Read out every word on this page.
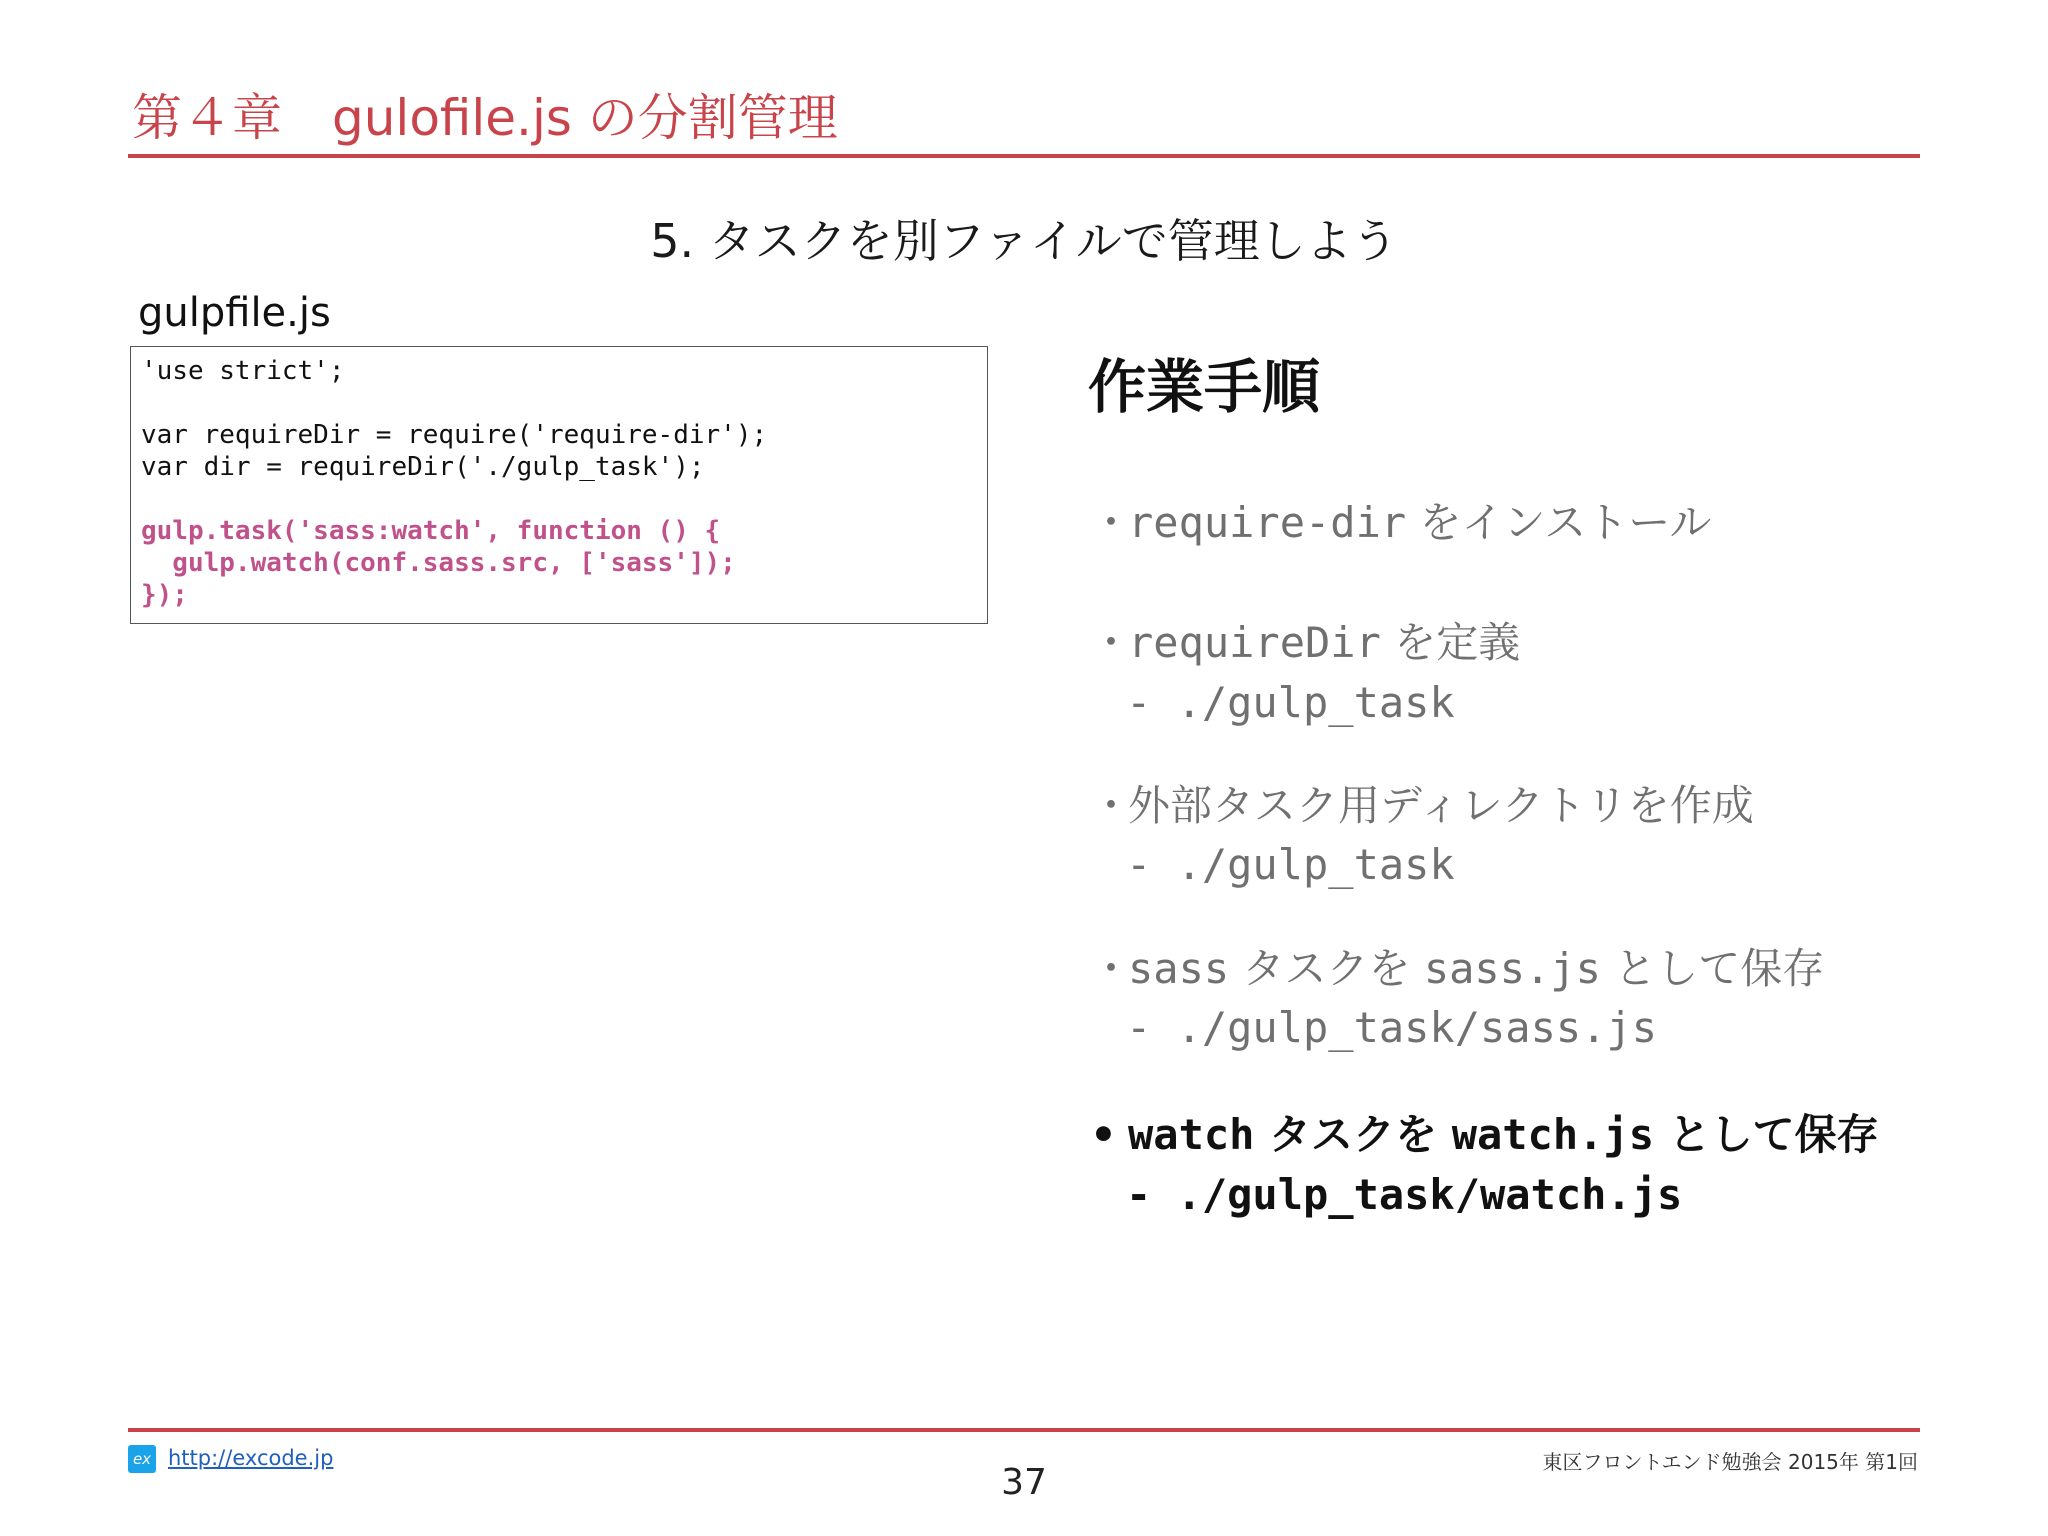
第４章　gulofile.js の分割管理
5. タスクを別ファイルで管理しよう
gulpfile.js
'use strict';
var requireDir = require('require-dir');
var dir = requireDir('./gulp_task');
gulp.task('sass:watch', function () {
gulp.watch(conf.sass.src, ['sass']);
});
作業手順
・require-dir をインストール
・requireDir を定義
- ./gulp_task
・外部タスク用ディレクトリを作成
- ./gulp_task
・sass タスクを sass.js として保存
- ./gulp_task/sass.js
• watch タスクを watch.js として保存
- ./gulp_task/watch.js
ex http://excode.jp
37	東区フロントエンド勉強会 2015年 第1回
